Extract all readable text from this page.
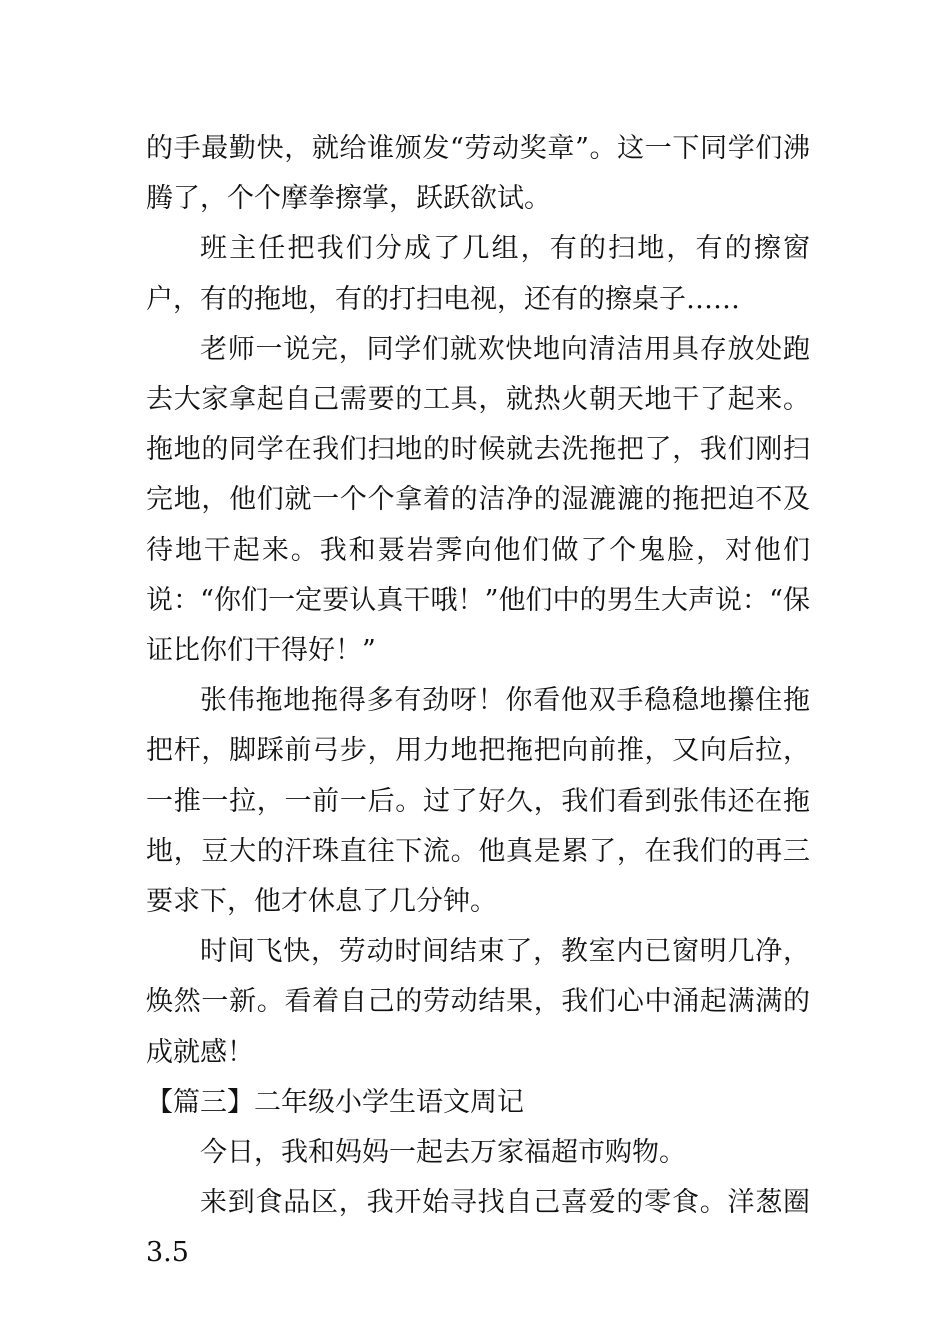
的手最勤快，就给谁颁发“劳动奖章”。这一下同学们沸腾了，个个摩拳擦掌，跃跃欲试。

班主任把我们分成了几组，有的扫地，有的擦窗户，有的拖地，有的打扫电视，还有的擦桌子……

老师一说完，同学们就欢快地向清洁用具存放处跑去大家拿起自己需要的工具，就热火朝天地干了起来。拖地的同学在我们扫地的时候就去洗拖把了，我们刚扫完地，他们就一个个拿着的洁净的湿漉漉的拖把迫不及待地干起来。我和聂岩霁向他们做了个鬼脸，对他们说：“你们一定要认真干哦！”他们中的男生大声说：“保证比你们干得好！”

张伟拖地拖得多有劲呀！你看他双手稳稳地攥住拖把杆，脚踩前弓步，用力地把拖把向前推，又向后拉，一推一拉，一前一后。过了好久，我们看到张伟还在拖地，豆大的汗珠直往下流。他真是累了，在我们的再三要求下，他才休息了几分钟。

时间飞快，劳动时间结束了，教室内已窗明几净，焕然一新。看着自己的劳动结果，我们心中涌起满满的成就感！

【篇三】二年级小学生语文周记

今日，我和妈妈一起去万家福超市购物。

来到食品区，我开始寻找自己喜爱的零食。洋葱圈3.5
